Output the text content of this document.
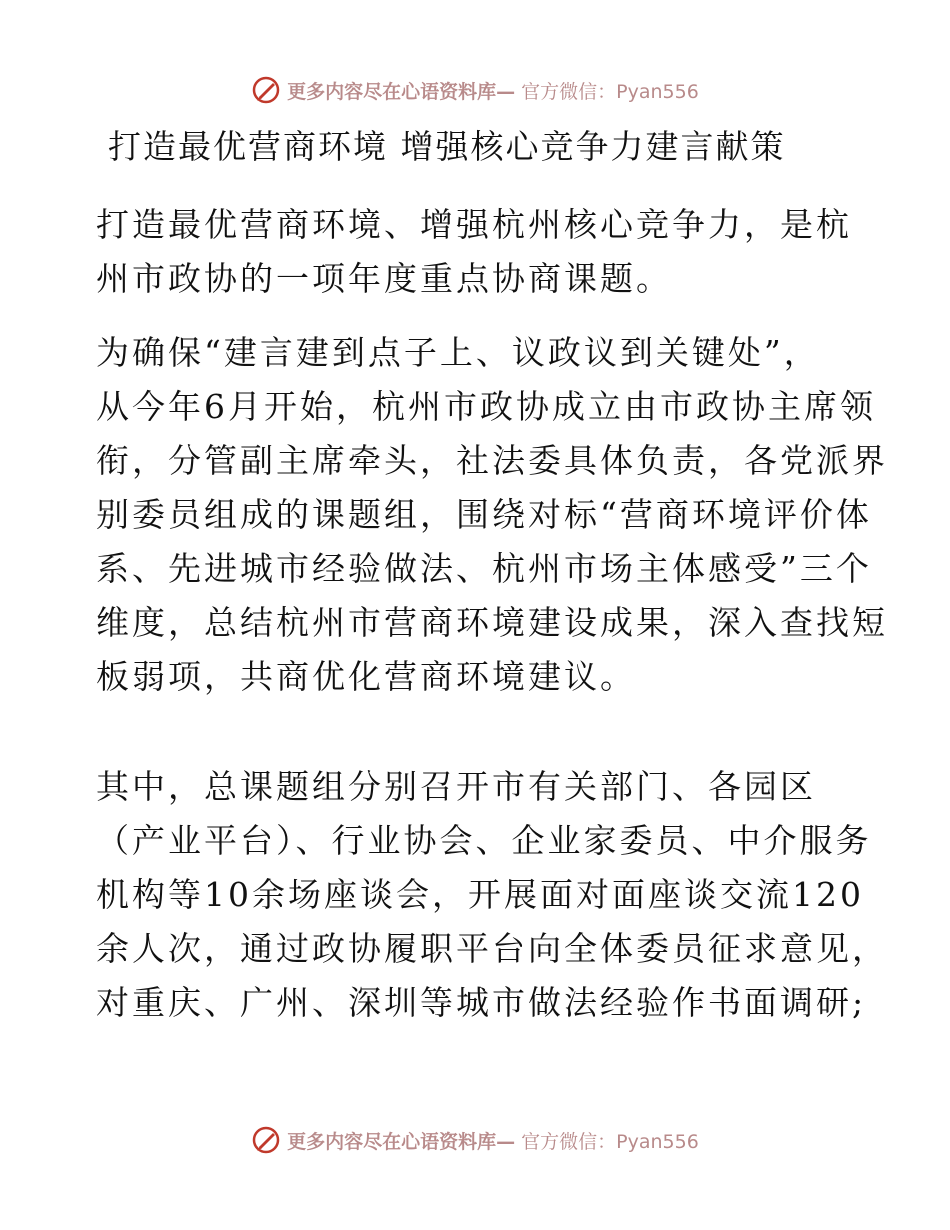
更多内容尽在心语资料库— 官方微信：Pyan556
打造最优营商环境 增强核心竞争力建言献策

打造最优营商环境、增强杭州核心竞争力，是杭
州市政协的一项年度重点协商课题。

为确保“建言建到点子上、议政议到关键处”，
从今年6月开始，杭州市政协成立由市政协主席领
衔，分管副主席牵头，社法委具体负责，各党派界
别委员组成的课题组，围绕对标“营商环境评价体
系、先进城市经验做法、杭州市场主体感受”三个
维度，总结杭州市营商环境建设成果，深入查找短
板弱项，共商优化营商环境建议。

其中，总课题组分别召开市有关部门、各园区
（产业平台）、行业协会、企业家委员、中介服务
机构等10余场座谈会，开展面对面座谈交流120
余人次，通过政协履职平台向全体委员征求意见，
对重庆、广州、深圳等城市做法经验作书面调研;

更多内容尽在心语资料库— 官方微信：Pyan556
